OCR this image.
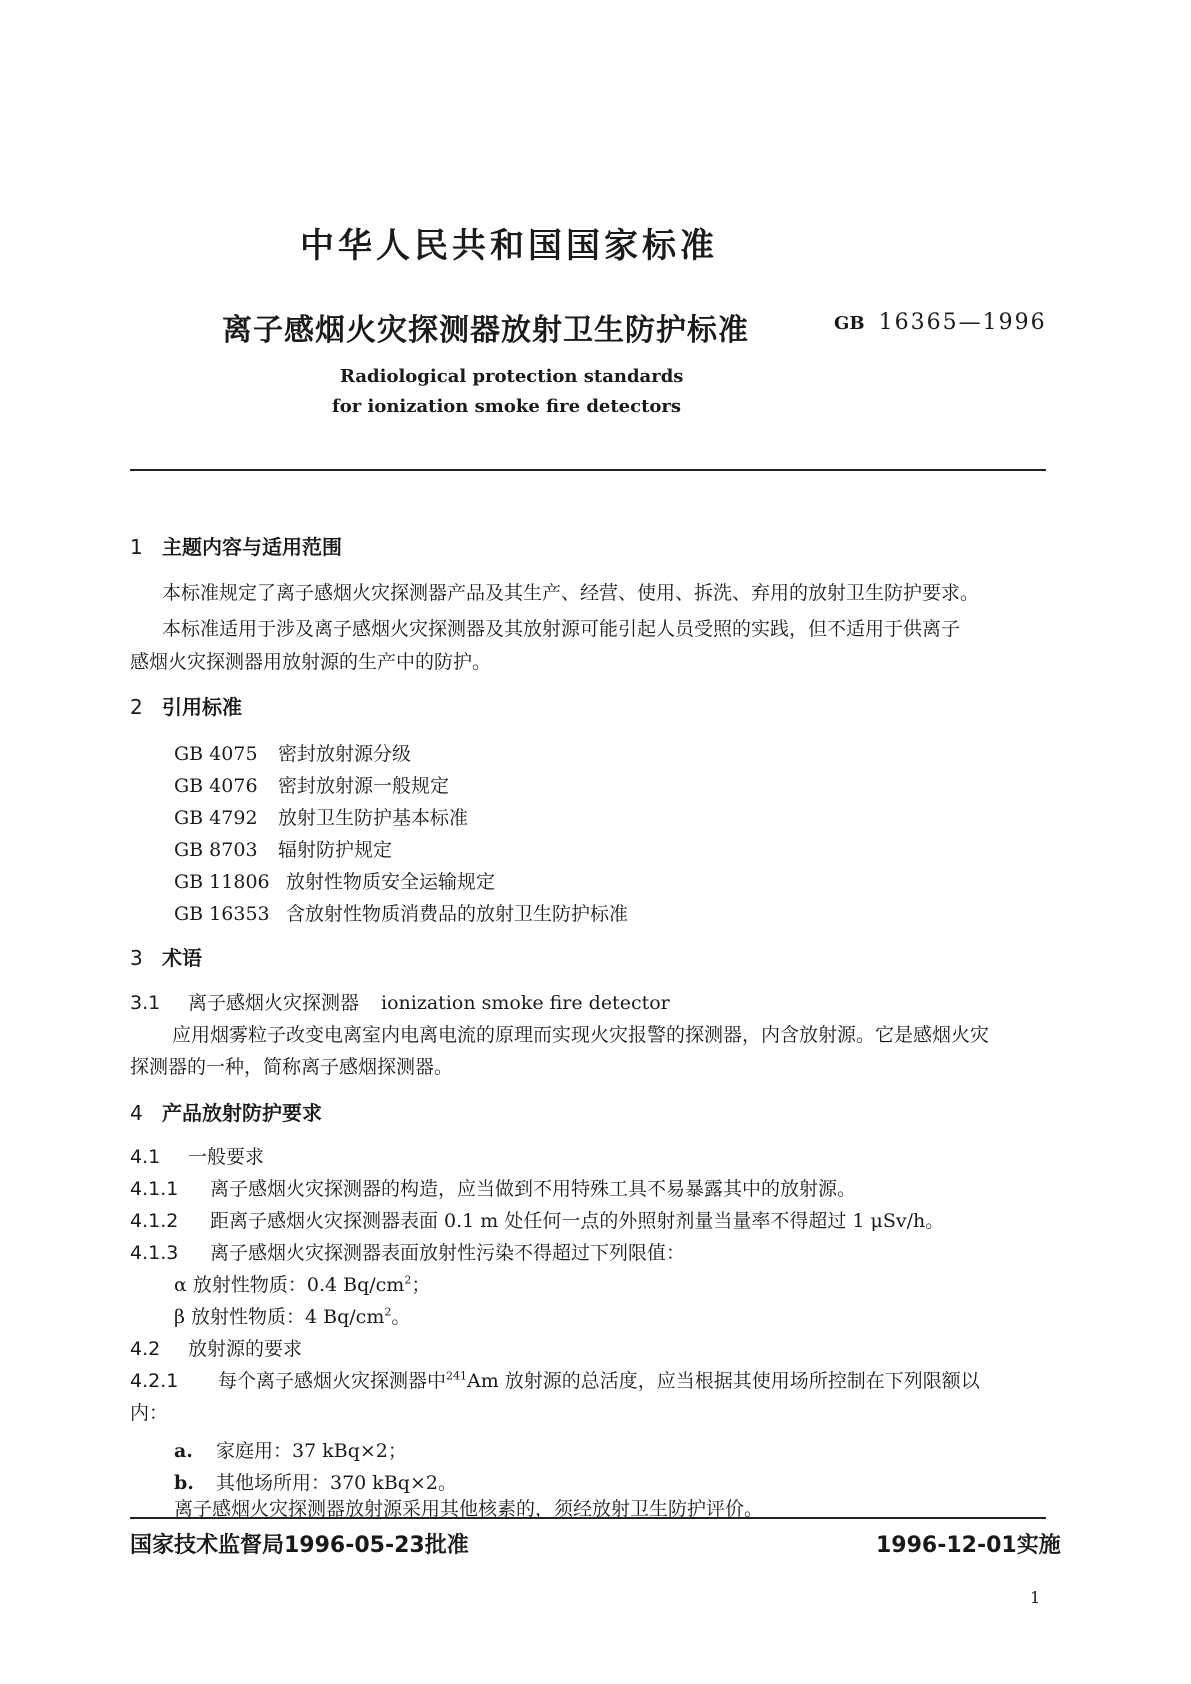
中华人民共和国国家标准
离子感烟火灾探测器放射卫生防护标准	GB 16365—1996
Radiological protection standards
for ionization smoke fire detectors
1 主题内容与适用范围
本标准规定了离子感烟火灾探测器产品及其生产、经营、使用、拆洗、弃用的放射卫生防护要求。
本标准适用于涉及离子感烟火灾探测器及其放射源可能引起人员受照的实践，但不适用于供离子
感烟火灾探测器用放射源的生产中的防护。
2 引用标准
GB 4075 密封放射源分级
GB 4076 密封放射源一般规定
GB 4792 放射卫生防护基本标准
GB 8703 辐射防护规定
GB 11806 放射性物质安全运输规定
GB 16353 含放射性物质消费品的放射卫生防护标准
3 术语
3.1 离子感烟火灾探测器 ionization smoke fire detector
应用烟雾粒子改变电离室内电离电流的原理而实现火灾报警的探测器，内含放射源。它是感烟火灾
探测器的一种，简称离子感烟探测器。
4 产品放射防护要求
4.1 一般要求
4.1.1 离子感烟火灾探测器的构造，应当做到不用特殊工具不易暴露其中的放射源。
4.1.2 距离子感烟火灾探测器表面 0.1 m 处任何一点的外照射剂量当量率不得超过 1 μSv/h。
4.1.3 离子感烟火灾探测器表面放射性污染不得超过下列限值：
α 放射性物质：0.4 $Bq/cm^2$；
β 放射性物质：4 $Bq/cm^2$。
4.2 放射源的要求
4.2.1 每个离子感烟火灾探测器中$^{241}$Am 放射源的总活度，应当根据其使用场所控制在下列限额以
内：
a. 家庭用：37 kBq×2；
b. 其他场所用：370 kBq×2。
离子感烟火灾探测器放射源采用其他核素的，须经放射卫生防护评价。
国家技术监督局1996-05-23批准	1996-12-01实施
1
